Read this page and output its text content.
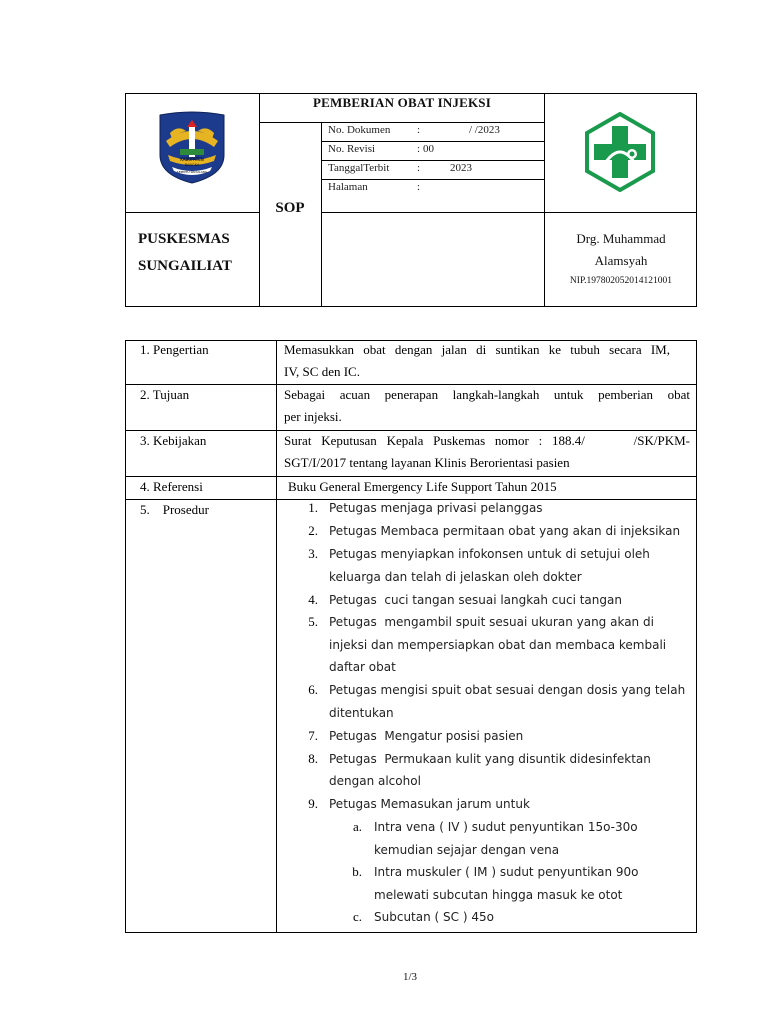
KABUPATEN
BANGKA
SEPINTU SEDULANG
PEMBERIAN OBAT INJEKSI
No. Dokumen :	/ /2023
No. Revisi	: 00
TanggalTerbit	:	2023
Halaman	:
SOP
PUSKESMAS
SUNGAILIAT
Drg. Muhammad
Alamsyah
NIP.197802052014121001
1. Pengertian	Memasukkan obat dengan jalan di suntikan ke tubuh secara IM,
IV, SC den IC.
2. Tujuan	Sebagai acuan penerapan langkah-langkah untuk pemberian obat
per injeksi.
3. Kebijakan	Surat Keputusan Kepala Puskemas nomor : 188.4/     /SK/PKM-
SGT/I/2017 tentang layanan Klinis Berorientasi pasien
4. Referensi	Buku General Emergency Life Support Tahun 2015
5.    Prosedur	1. Petugas menjaga privasi pelanggas
2. Petugas Membaca permitaan obat yang akan di injeksikan
3. Petugas menyiapkan infokonsen untuk di setujui oleh
keluarga dan telah di jelaskan oleh dokter
4. Petugas  cuci tangan sesuai langkah cuci tangan
5. Petugas  mengambil spuit sesuai ukuran yang akan di
injeksi dan mempersiapkan obat dan membaca kembali
daftar obat
6. Petugas mengisi spuit obat sesuai dengan dosis yang telah
ditentukan
7. Petugas  Mengatur posisi pasien
8. Petugas  Permukaan kulit yang disuntik didesinfektan
dengan alcohol
9. Petugas Memasukan jarum untuk
a. Intra vena ( IV ) sudut penyuntikan 15o-30o
kemudian sejajar dengan vena
b. Intra muskuler ( IM ) sudut penyuntikan 90o
melewati subcutan hingga masuk ke otot
c. Subcutan ( SC ) 45o
1/3
